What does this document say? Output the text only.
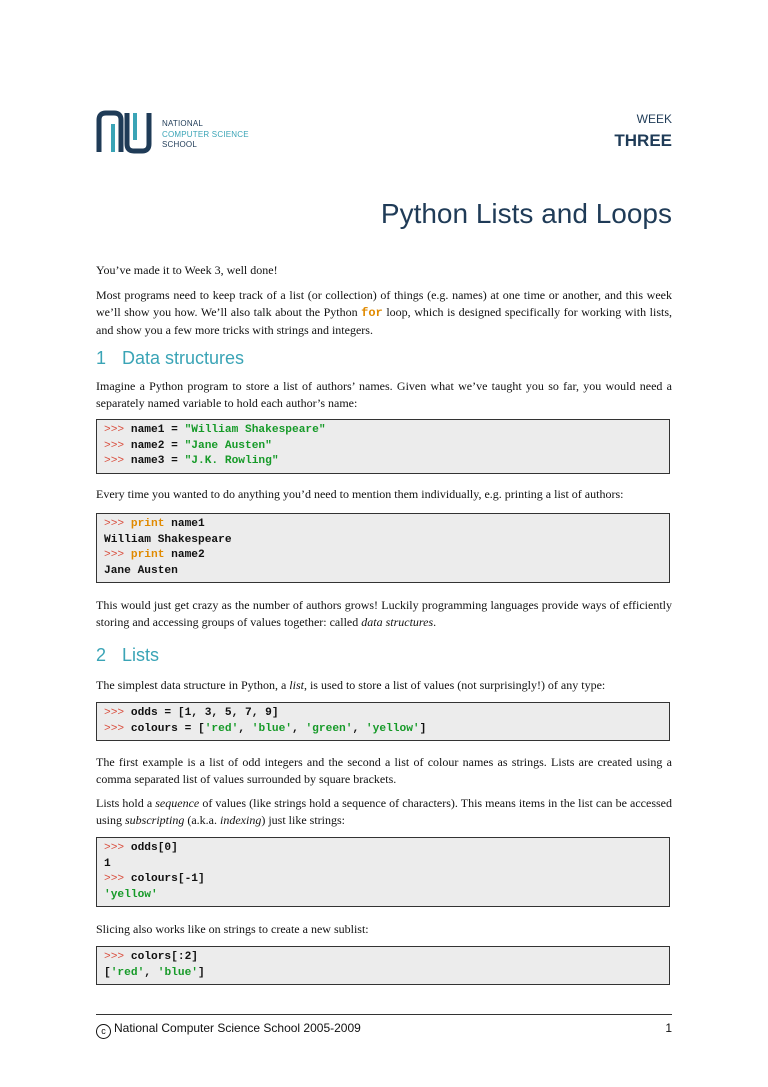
NATIONAL
COMPUTER SCIENCE
SCHOOL
WEEK
THREE
Python Lists and Loops
You’ve made it to Week 3, well done!
Most programs need to keep track of a list (or collection) of things (e.g. names) at one time or another, and this week we’ll show you how. We’ll also talk about the Python for loop, which is designed specifically for working with lists, and show you a few more tricks with strings and integers.
1 Data structures
Imagine a Python program to store a list of authors’ names. Given what we’ve taught you so far, you would need a separately named variable to hold each author’s name:
>>> name1 = "William Shakespeare"
>>> name2 = "Jane Austen"
>>> name3 = "J.K. Rowling"
Every time you wanted to do anything you’d need to mention them individually, e.g. printing a list of authors:
>>> print name1
William Shakespeare
>>> print name2
Jane Austen
This would just get crazy as the number of authors grows! Luckily programming languages provide ways of efficiently storing and accessing groups of values together: called data structures.
2 Lists
The simplest data structure in Python, a list, is used to store a list of values (not surprisingly!) of any type:
>>> odds = [1, 3, 5, 7, 9]
>>> colours = ['red', 'blue', 'green', 'yellow']
The first example is a list of odd integers and the second a list of colour names as strings. Lists are created using a comma separated list of values surrounded by square brackets.
Lists hold a sequence of values (like strings hold a sequence of characters). This means items in the list can be accessed using subscripting (a.k.a. indexing) just like strings:
>>> odds[0]
1
>>> colours[-1]
'yellow'
Slicing also works like on strings to create a new sublist:
>>> colors[:2]
['red', 'blue']
c National Computer Science School 2005-2009	1
